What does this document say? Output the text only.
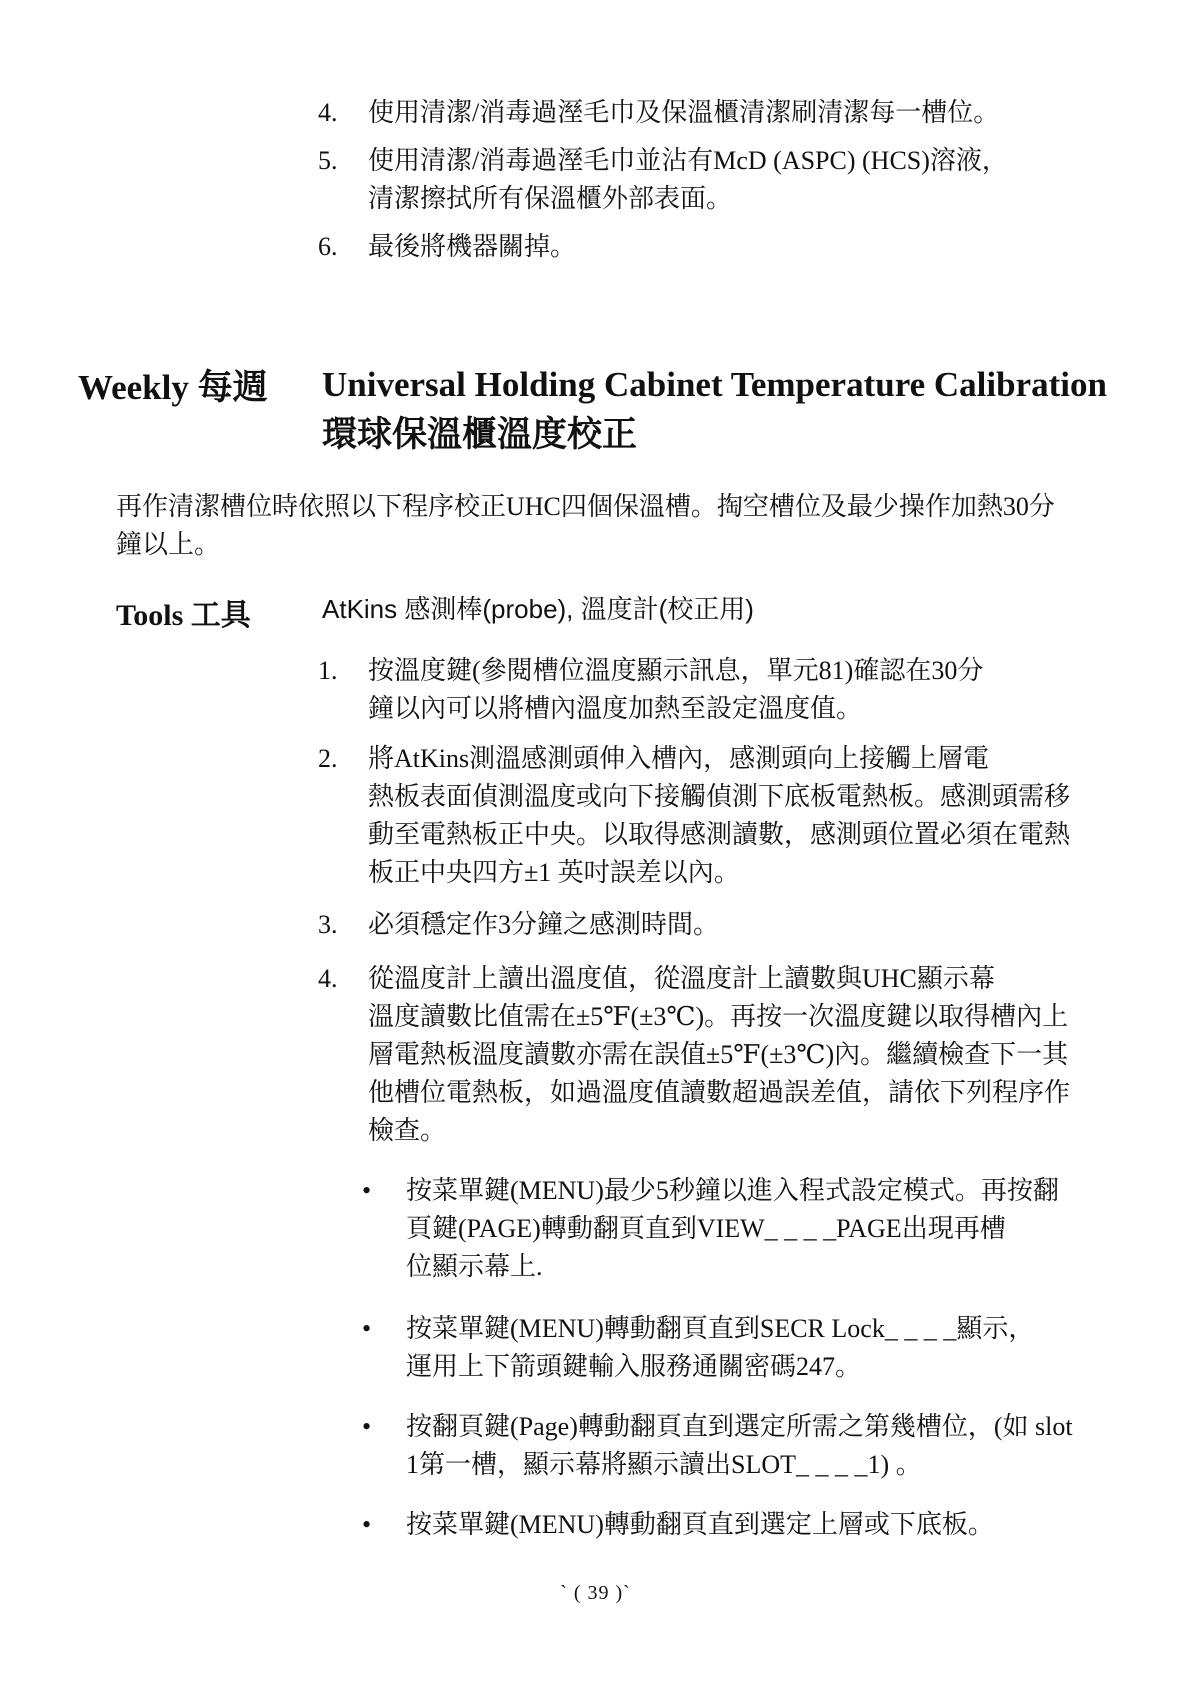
4.	使用清潔/消毒過溼毛巾及保溫櫃清潔刷清潔每一槽位。
5.	使用清潔/消毒過溼毛巾並沾有McD (ASPC) (HCS)溶液，
清潔擦拭所有保溫櫃外部表面。
6.	最後將機器關掉。
Weekly 每週 Universal Holding Cabinet Temperature Calibration
環球保溫櫃溫度校正
再作清潔槽位時依照以下程序校正UHC四個保溫槽。掏空槽位及最少操作加熱30分
鐘以上。
Tools 工具	AtKins 感測棒(probe), 溫度計(校正用)
1.	按溫度鍵(參閱槽位溫度顯示訊息，單元81)確認在30分
鐘以內可以將槽內溫度加熱至設定溫度值。
2.	將AtKins測溫感測頭伸入槽內，感測頭向上接觸上層電
熱板表面偵測溫度或向下接觸偵測下底板電熱板。感測頭需移
動至電熱板正中央。以取得感測讀數，感測頭位置必須在電熱
板正中央四方±1 英吋誤差以內。
3.	必須穩定作3分鐘之感測時間。
4.	從溫度計上讀出溫度值，從溫度計上讀數與UHC顯示幕
溫度讀數比值需在±5℉(±3℃)。再按一次溫度鍵以取得槽內上
層電熱板溫度讀數亦需在誤值±5℉(±3℃)內。繼續檢查下一其
他槽位電熱板，如過溫度值讀數超過誤差值，請依下列程序作
檢查。
•	按菜單鍵(MENU)最少5秒鐘以進入程式設定模式。再按翻
頁鍵(PAGE)轉動翻頁直到VIEW_ _ _ _PAGE出現再槽
位顯示幕上.
•	按菜單鍵(MENU)轉動翻頁直到SECR Lock_ _ _ _顯示，
運用上下箭頭鍵輸入服務通關密碼247。
•	按翻頁鍵(Page)轉動翻頁直到選定所需之第幾槽位，(如 slot
1第一槽，顯示幕將顯示讀出SLOT_ _ _ _1) 。
•	按菜單鍵(MENU)轉動翻頁直到選定上層或下底板。
` ( 39 )`
